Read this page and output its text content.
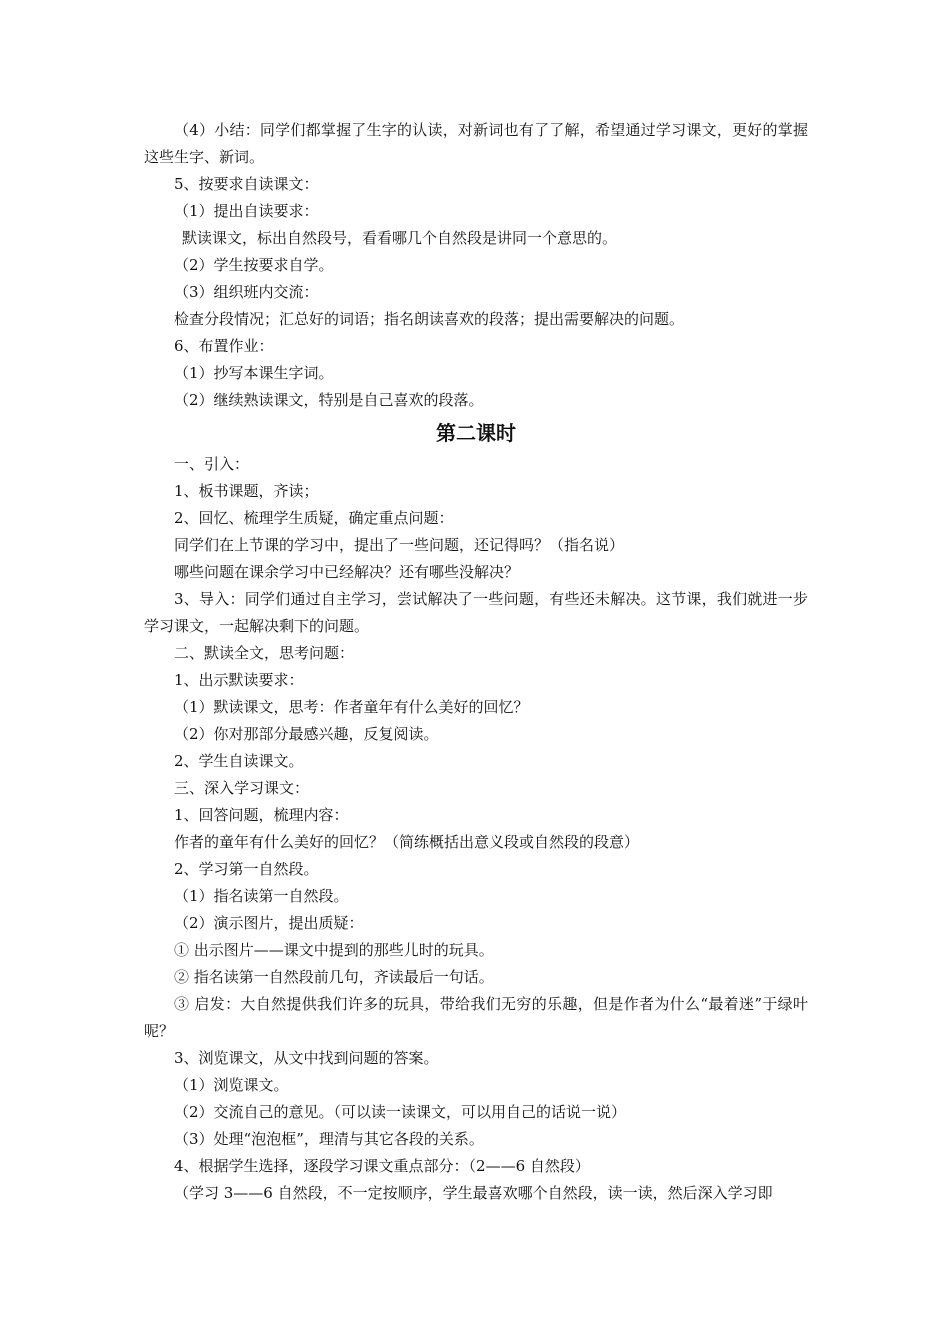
（4）小结：同学们都掌握了生字的认读，对新词也有了了解，希望通过学习课文，更好的掌握这些生字、新词。
5、按要求自读课文：
（1）提出自读要求：
默读课文，标出自然段号，看看哪几个自然段是讲同一个意思的。
（2）学生按要求自学。
（3）组织班内交流：
检查分段情况；汇总好的词语；指名朗读喜欢的段落；提出需要解决的问题。
6、布置作业：
（1）抄写本课生字词。
（2）继续熟读课文，特别是自己喜欢的段落。
第二课时
一、引入：
1、板书课题，齐读；
2、回忆、梳理学生质疑，确定重点问题：
同学们在上节课的学习中，提出了一些问题，还记得吗？（指名说）
哪些问题在课余学习中已经解决？还有哪些没解决？
3、导入：同学们通过自主学习，尝试解决了一些问题，有些还未解决。这节课，我们就进一步学习课文，一起解决剩下的问题。
二、默读全文，思考问题：
1、出示默读要求：
（1）默读课文，思考：作者童年有什么美好的回忆？
（2）你对那部分最感兴趣，反复阅读。
2、学生自读课文。
三、深入学习课文：
1、回答问题，梳理内容：
作者的童年有什么美好的回忆？（简练概括出意义段或自然段的段意）
2、学习第一自然段。
（1）指名读第一自然段。
（2）演示图片，提出质疑：
① 出示图片——课文中提到的那些儿时的玩具。
② 指名读第一自然段前几句，齐读最后一句话。
③ 启发：大自然提供我们许多的玩具，带给我们无穷的乐趣，但是作者为什么“最着迷”于绿叶呢？
3、浏览课文，从文中找到问题的答案。
（1）浏览课文。
（2）交流自己的意见。（可以读一读课文，可以用自己的话说一说）
（3）处理“泡泡框”，理清与其它各段的关系。
4、根据学生选择，逐段学习课文重点部分：（2——6 自然段）
（学习 3——6 自然段，不一定按顺序，学生最喜欢哪个自然段，读一读，然后深入学习即
